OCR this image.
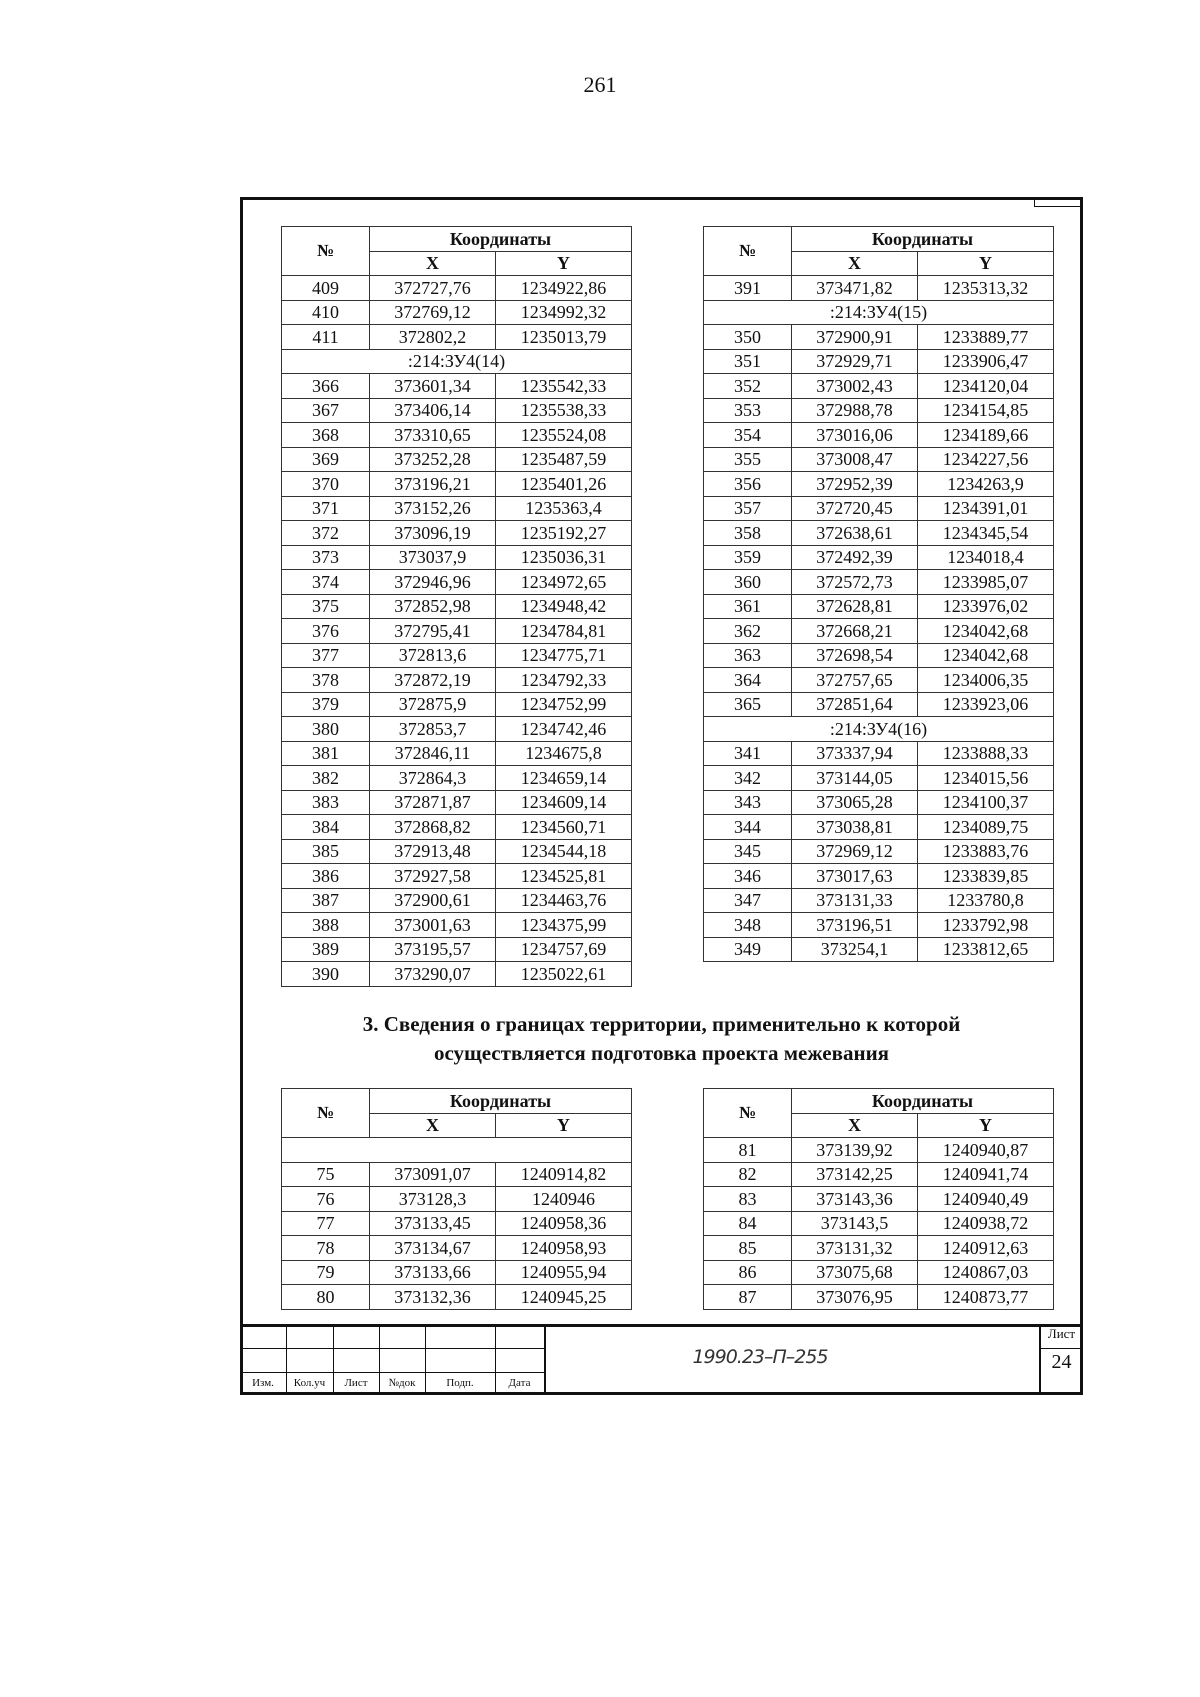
261
№	Координаты	
	X	Y
409	372727,76	1234922,86
410	372769,12	1234992,32
411	372802,2	1235013,79
:214:ЗУ4(14)		
366	373601,34	1235542,33
367	373406,14	1235538,33
368	373310,65	1235524,08
369	373252,28	1235487,59
370	373196,21	1235401,26
371	373152,26	1235363,4
372	373096,19	1235192,27
373	373037,9	1235036,31
374	372946,96	1234972,65
375	372852,98	1234948,42
376	372795,41	1234784,81
377	372813,6	1234775,71
378	372872,19	1234792,33
379	372875,9	1234752,99
380	372853,7	1234742,46
381	372846,11	1234675,8
382	372864,3	1234659,14
383	372871,87	1234609,14
384	372868,82	1234560,71
385	372913,48	1234544,18
386	372927,58	1234525,81
387	372900,61	1234463,76
388	373001,63	1234375,99
389	373195,57	1234757,69
390	373290,07	1235022,61
№	Координаты	
	X	Y
391	373471,82	1235313,32
:214:ЗУ4(15)		
350	372900,91	1233889,77
351	372929,71	1233906,47
352	373002,43	1234120,04
353	372988,78	1234154,85
354	373016,06	1234189,66
355	373008,47	1234227,56
356	372952,39	1234263,9
357	372720,45	1234391,01
358	372638,61	1234345,54
359	372492,39	1234018,4
360	372572,73	1233985,07
361	372628,81	1233976,02
362	372668,21	1234042,68
363	372698,54	1234042,68
364	372757,65	1234006,35
365	372851,64	1233923,06
:214:ЗУ4(16)		
341	373337,94	1233888,33
342	373144,05	1234015,56
343	373065,28	1234100,37
344	373038,81	1234089,75
345	372969,12	1233883,76
346	373017,63	1233839,85
347	373131,33	1233780,8
348	373196,51	1233792,98
349	373254,1	1233812,65
3. Сведения о границах территории, применительно к которой
осуществляется подготовка проекта межевания
№	Координаты	
	X	Y

75	373091,07	1240914,82
76	373128,3	1240946
77	373133,45	1240958,36
78	373134,67	1240958,93
79	373133,66	1240955,94
80	373132,36	1240945,25
№	Координаты	
	X	Y
81	373139,92	1240940,87
82	373142,25	1240941,74
83	373143,36	1240940,49
84	373143,5	1240938,72
85	373131,32	1240912,63
86	373075,68	1240867,03
87	373076,95	1240873,77
Изм.	Кол.уч	Лист	№док	Подп.	Дата
1990.23–П–255
Лист
24
